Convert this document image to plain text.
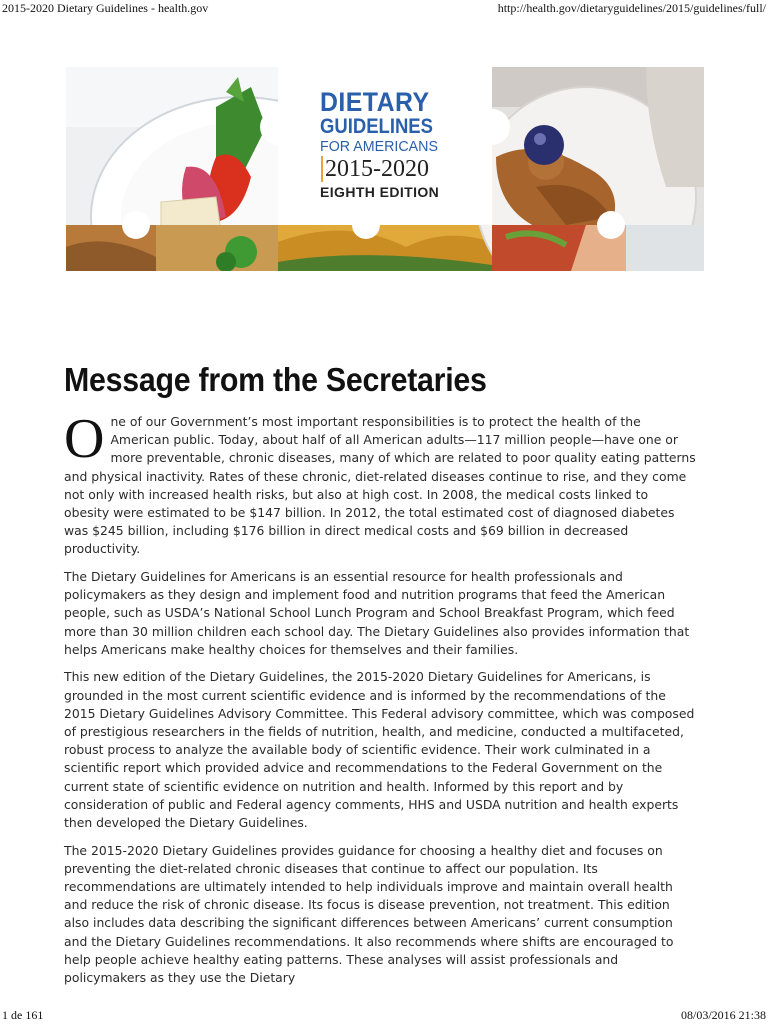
2015-2020 Dietary Guidelines - health.gov	http://health.gov/dietaryguidelines/2015/guidelines/full/
DIETARY
GUIDELINES
FOR AMERICANS
2015-2020
EIGHTH EDITION
Message from the Secretaries

O ne of our Government’s most important responsibilities is to protect the health of the American public. Today, about half of all American adults—117 million people—have one or more preventable, chronic diseases, many of which are related to poor quality eating patterns and physical inactivity. Rates of these chronic, diet-related diseases continue to rise, and they come not only with increased health risks, but also at high cost. In 2008, the medical costs linked to obesity were estimated to be $147 billion. In 2012, the total estimated cost of diagnosed diabetes was $245 billion, including $176 billion in direct medical costs and $69 billion in decreased productivity.

The Dietary Guidelines for Americans is an essential resource for health professionals and policymakers as they design and implement food and nutrition programs that feed the American people, such as USDA’s National School Lunch Program and School Breakfast Program, which feed more than 30 million children each school day. The Dietary Guidelines also provides information that helps Americans make healthy choices for themselves and their families.

This new edition of the Dietary Guidelines, the 2015-2020 Dietary Guidelines for Americans, is grounded in the most current scientific evidence and is informed by the recommendations of the 2015 Dietary Guidelines Advisory Committee. This Federal advisory committee, which was composed of prestigious researchers in the fields of nutrition, health, and medicine, conducted a multifaceted, robust process to analyze the available body of scientific evidence. Their work culminated in a scientific report which provided advice and recommendations to the Federal Government on the current state of scientific evidence on nutrition and health. Informed by this report and by consideration of public and Federal agency comments, HHS and USDA nutrition and health experts then developed the Dietary Guidelines.

The 2015-2020 Dietary Guidelines provides guidance for choosing a healthy diet and focuses on preventing the diet-related chronic diseases that continue to affect our population. Its recommendations are ultimately intended to help individuals improve and maintain overall health and reduce the risk of chronic disease. Its focus is disease prevention, not treatment. This edition also includes data describing the significant differences between Americans’ current consumption and the Dietary Guidelines recommendations. It also recommends where shifts are encouraged to help people achieve healthy eating patterns. These analyses will assist professionals and policymakers as they use the Dietary

1 de 161	08/03/2016 21:38
